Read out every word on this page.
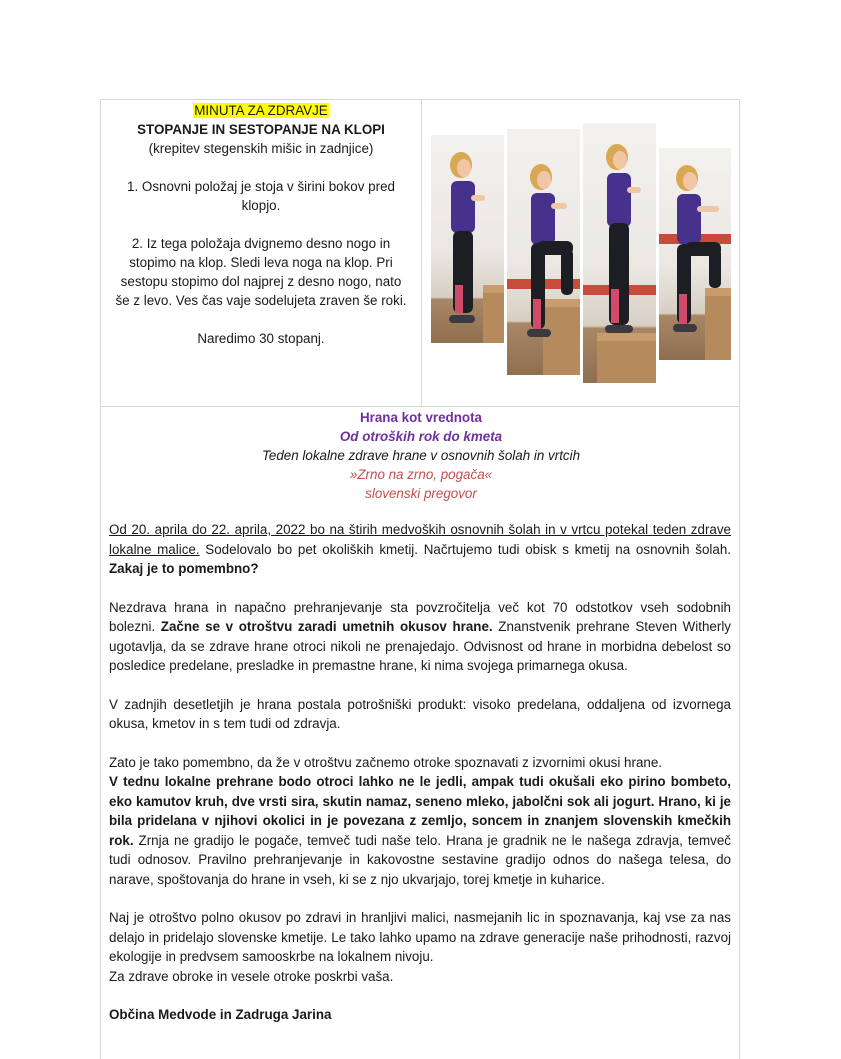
MINUTA ZA ZDRAVJE

STOPANJE IN SESTOPANJE NA KLOPI

(krepitev stegenskih mišic in zadnjice)

1. Osnovni položaj je stoja v širini bokov pred klopjo.

2. Iz tega položaja dvignemo desno nogo in stopimo na klop. Sledi leva noga na klop. Pri sestopu stopimo dol najprej z desno nogo, nato še z levo. Ves čas vaje sodelujeta zraven še roki.

Naredimo 30 stopanj.

Hrana kot vrednota

Od otroških rok do kmeta

Teden lokalne zdrave hrane v osnovnih šolah in vrtcih

»Zrno na zrno, pogača«

slovenski pregovor

Od 20. aprila do 22. aprila, 2022 bo na štirih medvoških osnovnih šolah in v vrtcu potekal teden zdrave lokalne malice. Sodelovalo bo pet okoliških kmetij. Načrtujemo tudi obisk s kmetij na osnovnih šolah. Zakaj je to pomembno?

Nezdrava hrana in napačno prehranjevanje sta povzročitelja več kot 70 odstotkov vseh sodobnih bolezni. Začne se v otroštvu zaradi umetnih okusov hrane. Znanstvenik prehrane Steven Witherly ugotavlja, da se zdrave hrane otroci nikoli ne prenajedajo. Odvisnost od hrane in morbidna debelost so posledice predelane, presladke in premastne hrane, ki nima svojega primarnega okusa.

V zadnjih desetletjih je hrana postala potrošniški produkt: visoko predelana, oddaljena od izvornega okusa, kmetov in s tem tudi od zdravja.

Zato je tako pomembno, da že v otroštvu začnemo otroke spoznavati z izvornimi okusi hrane.

V tednu lokalne prehrane bodo otroci lahko ne le jedli, ampak tudi okušali eko pirino bombeto, eko kamutov kruh, dve vrsti sira, skutin namaz, seneno mleko, jabolčni sok ali jogurt. Hrano, ki je bila pridelana v njihovi okolici in je povezana z zemljo, soncem in znanjem slovenskih kmečkih rok. Zrnja ne gradijo le pogače, temveč tudi naše telo. Hrana je gradnik ne le našega zdravja, temveč tudi odnosov. Pravilno prehranjevanje in kakovostne sestavine gradijo odnos do našega telesa, do narave, spoštovanja do hrane in vseh, ki se z njo ukvarjajo, torej kmetje in kuharice.

Naj je otroštvo polno okusov po zdravi in hranljivi malici, nasmejanih lic in spoznavanja, kaj vse za nas delajo in pridelajo slovenske kmetije. Le tako lahko upamo na zdrave generacije naše prihodnosti, razvoj ekologije in predvsem samooskrbe na lokalnem nivoju.

Za zdrave obroke in vesele otroke poskrbi vaša.

Občina Medvode in Zadruga Jarina
